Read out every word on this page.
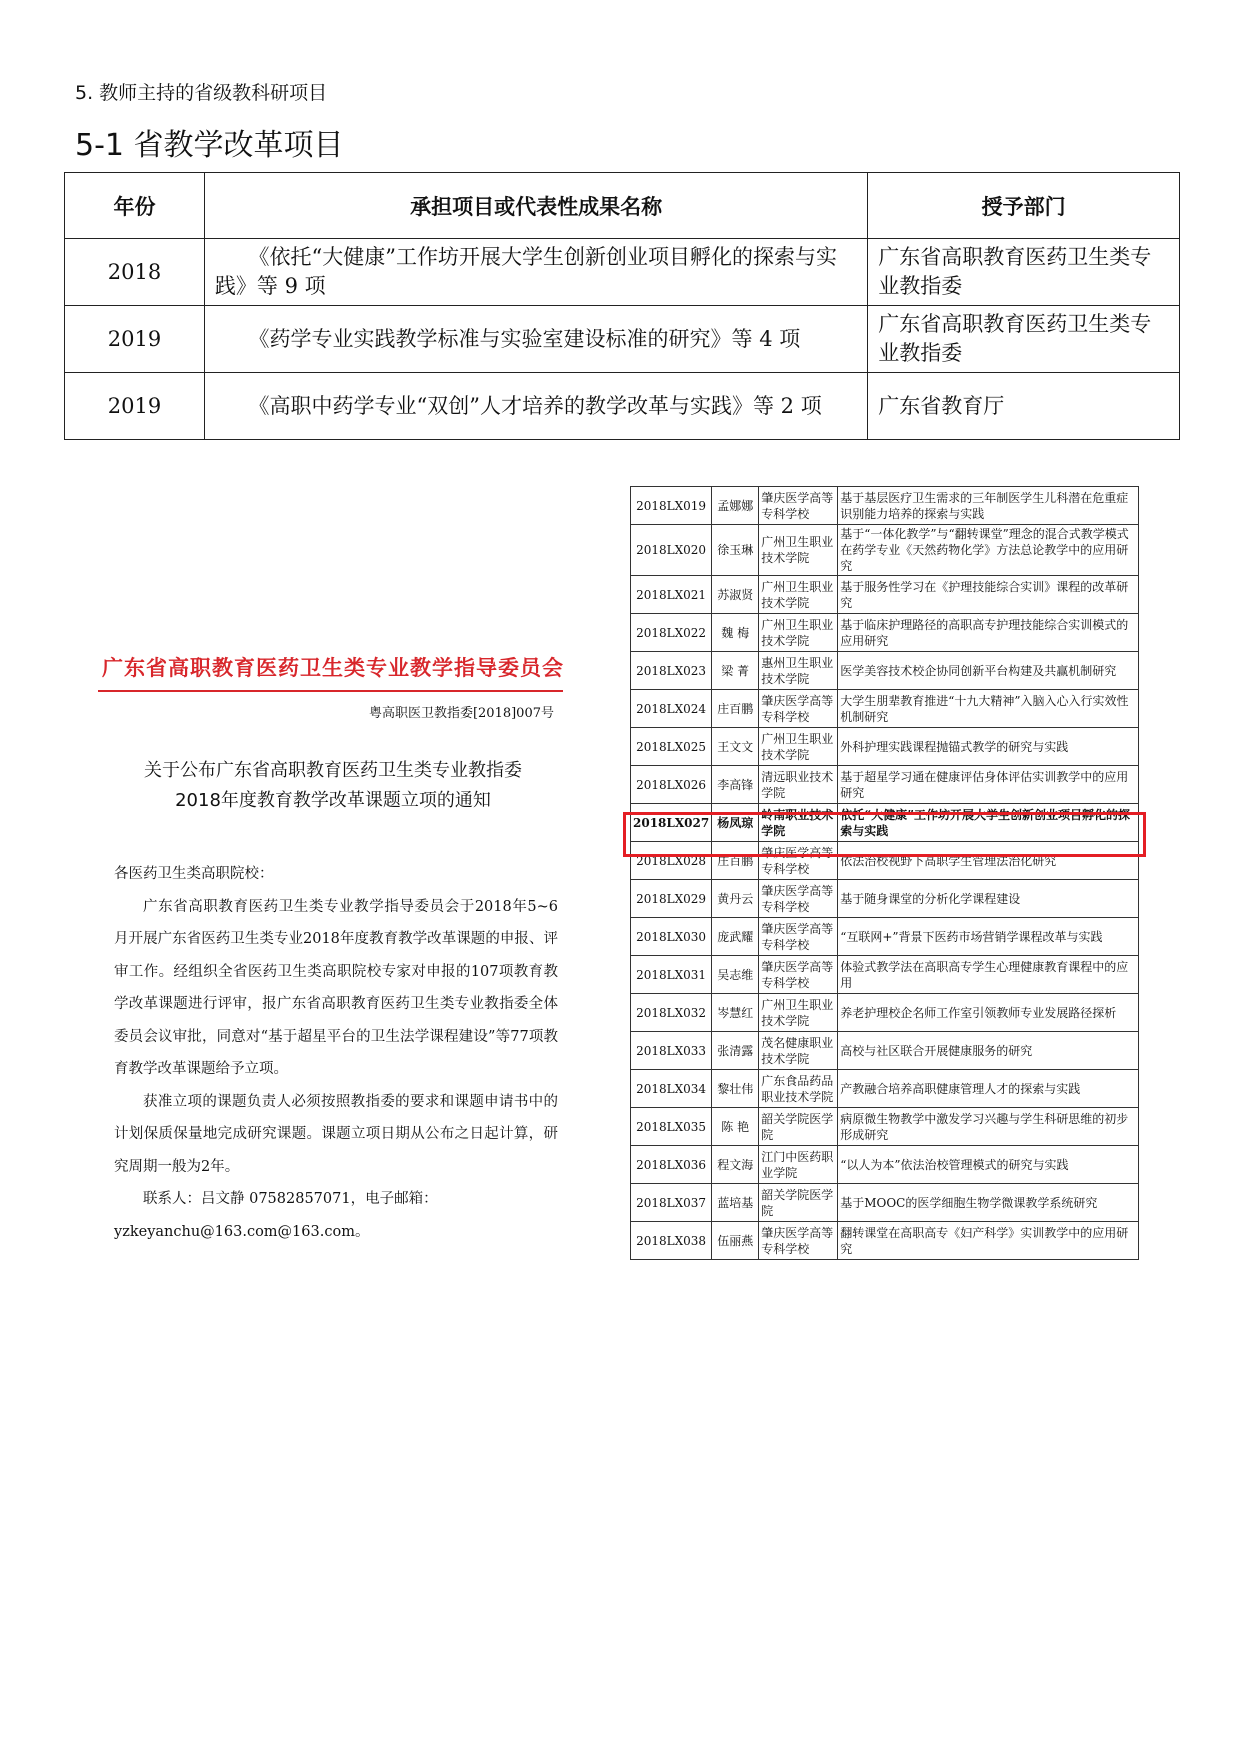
5. 教师主持的省级教科研项目
5-1 省教学改革项目
年份	承担项目或代表性成果名称	授予部门
2018	《依托“大健康”工作坊开展大学生创新创业项目孵化的探索与实践》等 9 项	广东省高职教育医药卫生类专业教指委
2019	《药学专业实践教学标准与实验室建设标准的研究》等 4 项	广东省高职教育医药卫生类专业教指委
2019	《高职中药学专业“双创”人才培养的教学改革与实践》等 2 项	广东省教育厅
广东省高职教育医药卫生类专业教学指导委员会
粤高职医卫教指委[2018]007号
关于公布广东省高职教育医药卫生类专业教指委
2018年度教育教学改革课题立项的通知

各医药卫生类高职院校：

广东省高职教育医药卫生类专业教学指导委员会于2018年5~6月开展广东省医药卫生类专业2018年度教育教学改革课题的申报、评审工作。经组织全省医药卫生类高职院校专家对申报的107项教育教学改革课题进行评审，报广东省高职教育医药卫生类专业教指委全体委员会议审批，同意对“基于超星平台的卫生法学课程建设”等77项教育教学改革课题给予立项。

获准立项的课题负责人必须按照教指委的要求和课题申请书中的计划保质保量地完成研究课题。课题立项日期从公布之日起计算，研究周期一般为2年。

联系人：吕文静 07582857071，电子邮箱：

yzkeyanchu@163.com@163.com。

2018LX019	孟娜娜	肇庆医学高等专科学校	基于基层医疗卫生需求的三年制医学生儿科潜在危重症识别能力培养的探索与实践
2018LX020	徐玉琳	广州卫生职业技术学院	基于“一体化教学”与“翻转课堂”理念的混合式教学模式在药学专业《天然药物化学》方法总论教学中的应用研究
2018LX021	苏淑贤	广州卫生职业技术学院	基于服务性学习在《护理技能综合实训》课程的改革研究
2018LX022	魏 梅	广州卫生职业技术学院	基于临床护理路径的高职高专护理技能综合实训模式的应用研究
2018LX023	梁 菁	惠州卫生职业技术学院	医学美容技术校企协同创新平台构建及共赢机制研究
2018LX024	庄百鹏	肇庆医学高等专科学校	大学生朋辈教育推进“十九大精神”入脑入心入行实效性机制研究
2018LX025	王文文	广州卫生职业技术学院	外科护理实践课程抛锚式教学的研究与实践
2018LX026	李高锋	清远职业技术学院	基于超星学习通在健康评估身体评估实训教学中的应用研究
2018LX027	杨凤琼	岭南职业技术学院	依托“大健康”工作坊开展大学生创新创业项目孵化的探索与实践
2018LX028	庄百鹏	肇庆医学高等专科学校	依法治校视野下高职学生管理法治化研究
2018LX029	黄丹云	肇庆医学高等专科学校	基于随身课堂的分析化学课程建设
2018LX030	庞武耀	肇庆医学高等专科学校	“互联网+”背景下医药市场营销学课程改革与实践
2018LX031	吴志维	肇庆医学高等专科学校	体验式教学法在高职高专学生心理健康教育课程中的应用
2018LX032	岑慧红	广州卫生职业技术学院	养老护理校企名师工作室引领教师专业发展路径探析
2018LX033	张清露	茂名健康职业技术学院	高校与社区联合开展健康服务的研究
2018LX034	黎壮伟	广东食品药品职业技术学院	产教融合培养高职健康管理人才的探索与实践
2018LX035	陈 艳	韶关学院医学院	病原微生物教学中激发学习兴趣与学生科研思维的初步形成研究
2018LX036	程文海	江门中医药职业学院	“以人为本”依法治校管理模式的研究与实践
2018LX037	蓝培基	韶关学院医学院	基于MOOC的医学细胞生物学微课教学系统研究
2018LX038	伍丽燕	肇庆医学高等专科学校	翻转课堂在高职高专《妇产科学》实训教学中的应用研究
